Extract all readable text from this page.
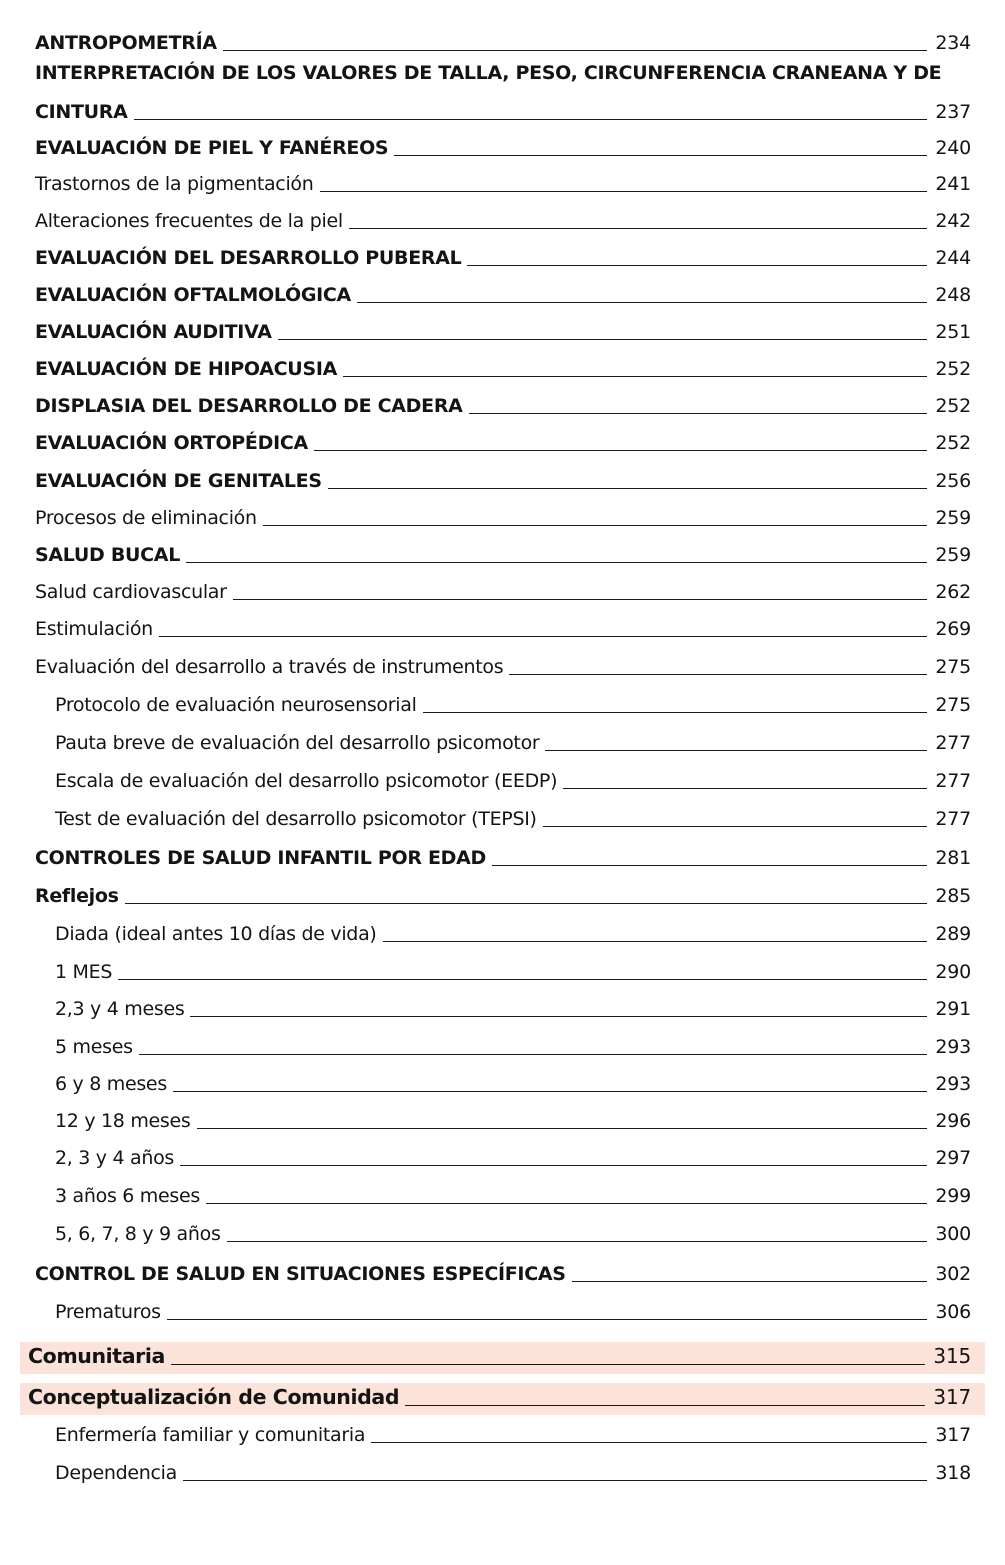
ANTROPOMETRÍA	234
INTERPRETACIÓN DE LOS VALORES DE TALLA, PESO, CIRCUNFERENCIA CRANEANA Y DE
CINTURA	237
EVALUACIÓN DE PIEL Y FANÉREOS	240
Trastornos de la pigmentación	241
Alteraciones frecuentes de la piel	242
EVALUACIÓN DEL DESARROLLO PUBERAL	244
EVALUACIÓN OFTALMOLÓGICA	248
EVALUACIÓN AUDITIVA	251
EVALUACIÓN DE HIPOACUSIA	252
DISPLASIA DEL DESARROLLO DE CADERA	252
EVALUACIÓN ORTOPÉDICA	252
EVALUACIÓN DE GENITALES	256
Procesos de eliminación	259
SALUD BUCAL	259
Salud cardiovascular	262
Estimulación	269
Evaluación del desarrollo a través de instrumentos	275
Protocolo de evaluación neurosensorial	275
Pauta breve de evaluación del desarrollo psicomotor	277
Escala de evaluación del desarrollo psicomotor (EEDP)	277
Test de evaluación del desarrollo psicomotor (TEPSI)	277
CONTROLES DE SALUD INFANTIL POR EDAD	281
Reflejos	285
Diada (ideal antes 10 días de vida)	289
1 MES	290
2,3 y 4 meses	291
5 meses	293
6 y 8 meses	293
12 y 18 meses	296
2, 3 y 4 años	297
3 años 6 meses	299
5, 6, 7, 8 y 9 años	300
CONTROL DE SALUD EN SITUACIONES ESPECÍFICAS	302
Prematuros	306
Comunitaria	315
Conceptualización de Comunidad	317
Enfermería familiar y comunitaria	317
Dependencia	318
